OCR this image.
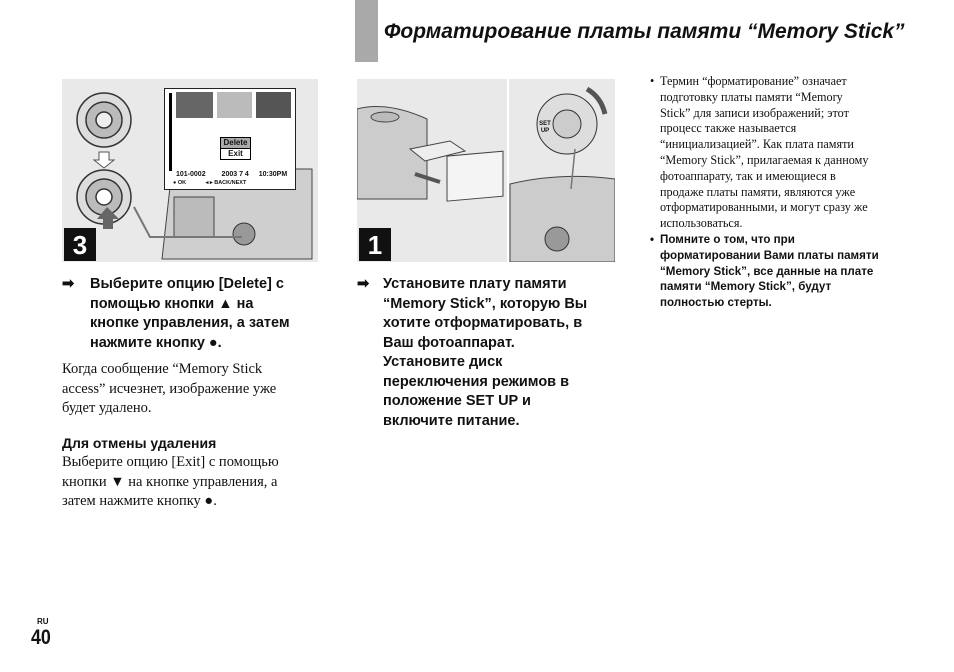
Форматирование платы памяти “Memory Stick”
Delete
Exit
101-0002 2003 7 4 10:30PM
● OK	◂ ▸ BACK/NEXT
3
SET UP
1
➡ Выберите опцию [Delete] с
помощью кнопки ▲ на
кнопке управления, а затем
нажмите кнопку ●.
Когда сообщение “Memory Stick
access” исчезнет, изображение уже
будет удалено.
Для отмены удаления
Выберите опцию [Exit] с помощью
кнопки ▼ на кнопке управления, а
затем нажмите кнопку ●.
➡ Установите плату памяти
“Memory Stick”, которую Вы
хотите отформатировать, в
Ваш фотоаппарат.
Установите диск
переключения режимов в
положение SET UP и
включите питание.
• Термин “форматирование” означает
подготовку платы памяти “Memory
Stick” для записи изображений; этот
процесс также называется
“инициализацией”. Как плата памяти
“Memory Stick”, прилагаемая к данному
фотоаппарату, так и имеющиеся в
продаже платы памяти, являются уже
отформатированными, и могут сразу же
использоваться.
• Помните о том, что при
форматировании Вами платы памяти
“Memory Stick”, все данные на плате
памяти “Memory Stick”, будут
полностью стерты.
RU
40
